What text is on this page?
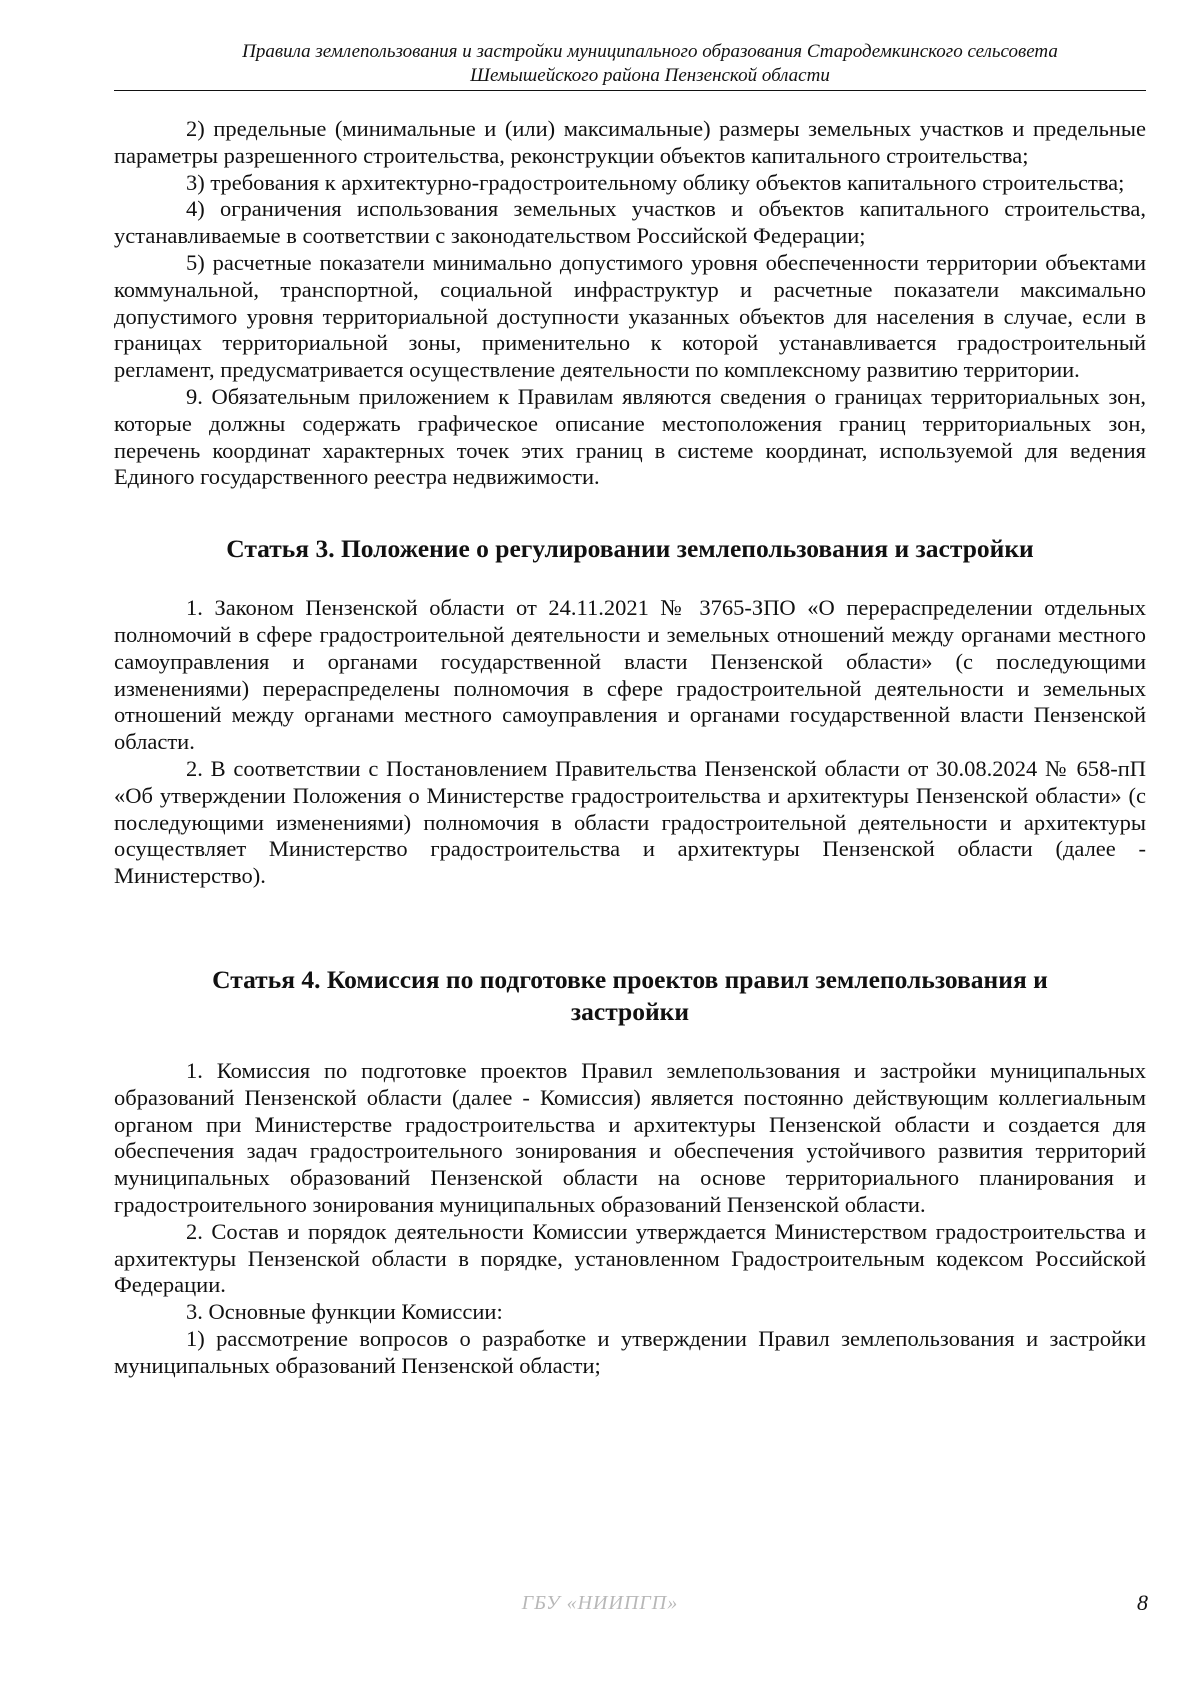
Правила землепользования и застройки муниципального образования Стародемкинского сельсовета
Шемышейского района Пензенской области

2) предельные (минимальные и (или) максимальные) размеры земельных участков и предельные параметры разрешенного строительства, реконструкции объектов капитального строительства;

3) требования к архитектурно-градостроительному облику объектов капитального строительства;

4) ограничения использования земельных участков и объектов капитального строительства, устанавливаемые в соответствии с законодательством Российской Федерации;

5) расчетные показатели минимально допустимого уровня обеспеченности территории объектами коммунальной, транспортной, социальной инфраструктур и расчетные показатели максимально допустимого уровня территориальной доступности указанных объектов для населения в случае, если в границах территориальной зоны, применительно к которой устанавливается градостроительный регламент, предусматривается осуществление деятельности по комплексному развитию территории.

9. Обязательным приложением к Правилам являются сведения о границах территориальных зон, которые должны содержать графическое описание местоположения границ территориальных зон, перечень координат характерных точек этих границ в системе координат, используемой для ведения Единого государственного реестра недвижимости.

Статья 3. Положение о регулировании землепользования и застройки

1. Законом Пензенской области от 24.11.2021 № 3765-ЗПО «О перераспределении отдельных полномочий в сфере градостроительной деятельности и земельных отношений между органами местного самоуправления и органами государственной власти Пензенской области» (с последующими изменениями) перераспределены полномочия в сфере градостроительной деятельности и земельных отношений между органами местного самоуправления и органами государственной власти Пензенской области.

2. В соответствии с Постановлением Правительства Пензенской области от 30.08.2024 № 658-пП «Об утверждении Положения о Министерстве градостроительства и архитектуры Пензенской области» (с последующими изменениями) полномочия в области градостроительной деятельности и архитектуры осуществляет Министерство градостроительства и архитектуры Пензенской области (далее - Министерство).

Статья 4. Комиссия по подготовке проектов правил землепользования и застройки

1. Комиссия по подготовке проектов Правил землепользования и застройки муниципальных образований Пензенской области (далее - Комиссия) является постоянно действующим коллегиальным органом при Министерстве градостроительства и архитектуры Пензенской области и создается для обеспечения задач градостроительного зонирования и обеспечения устойчивого развития территорий муниципальных образований Пензенской области на основе территориального планирования и градостроительного зонирования муниципальных образований Пензенской области.

2. Состав и порядок деятельности Комиссии утверждается Министерством градостроительства и архитектуры Пензенской области в порядке, установленном Градостроительным кодексом Российской Федерации.

3. Основные функции Комиссии:

1) рассмотрение вопросов о разработке и утверждении Правил землепользования и застройки муниципальных образований Пензенской области;

ГБУ «НИИПГП»	8
